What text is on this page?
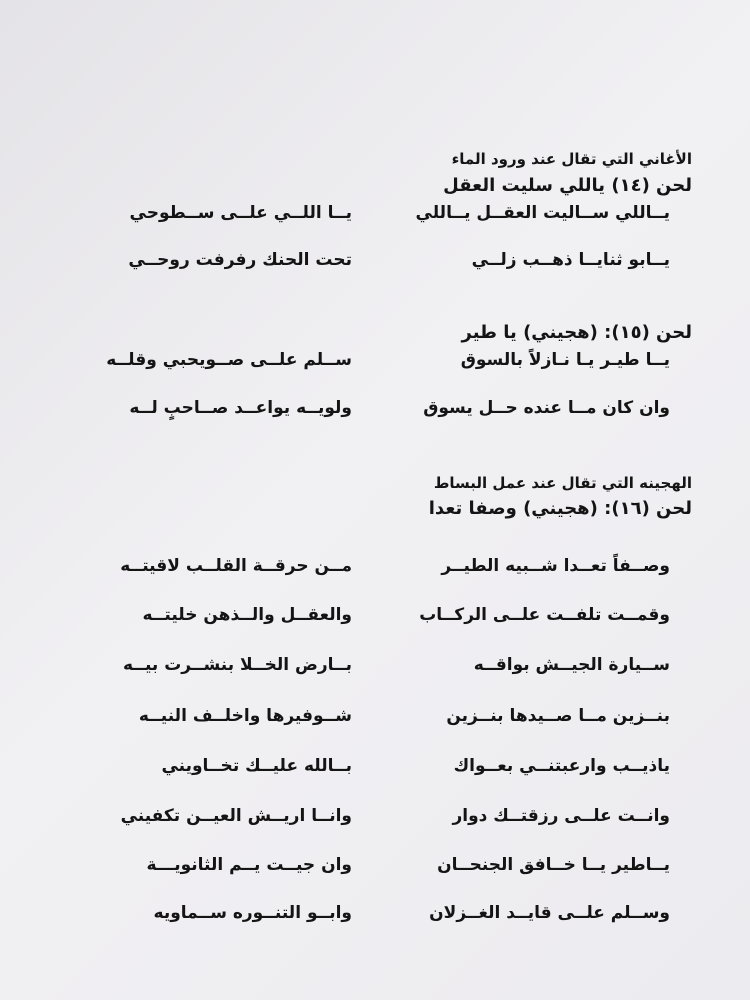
الأغاني التي تقال عند ورود الماء
لحن (١٤) ياللي سليت العقل
يــاللي ســاليت العقــل يــاللي
يــا اللــي علــى ســطوحي
يــابو ثنايــا ذهــب زلــي
تحت الحنك رفرفت روحــي
لحن (١٥): (هجيني) يا طير
يــا طيـر يـا نـازلاً بالسوق
ســلم علــى صــويحبي وقلــه
وان كان مــا عنده حــل يسوق
ولويــه يواعــد صــاحبٍ لــه
الهجينه التي تقال عند عمل البساط
لحن (١٦): (هجيني) وصفا تعدا
وصــفاً تعــدا شــبيه الطيــر
مــن حرقــة القلــب لاقيتــه
وقمــت تلفــت علــى الركــاب
والعقــل والــذهن خليتــه
ســيارة الجيــش بواقــه
بــارض الخــلا بنشــرت بيــه
بنــزين مــا صــيدها بنــزين
شــوفيرها واخلــف النيــه
ياذيــب وارعبتنــي بعــواك
بــالله عليــك تخــاويني
وانــت علــى رزقتــك دوار
وانــا اريــش العيــن تكفيني
يــاطير يــا خــافق الجنحــان
وان جيــت يــم الثانويـــة
وســلم علــى قايــد الغــزلان
وابــو التنــوره ســماويه
